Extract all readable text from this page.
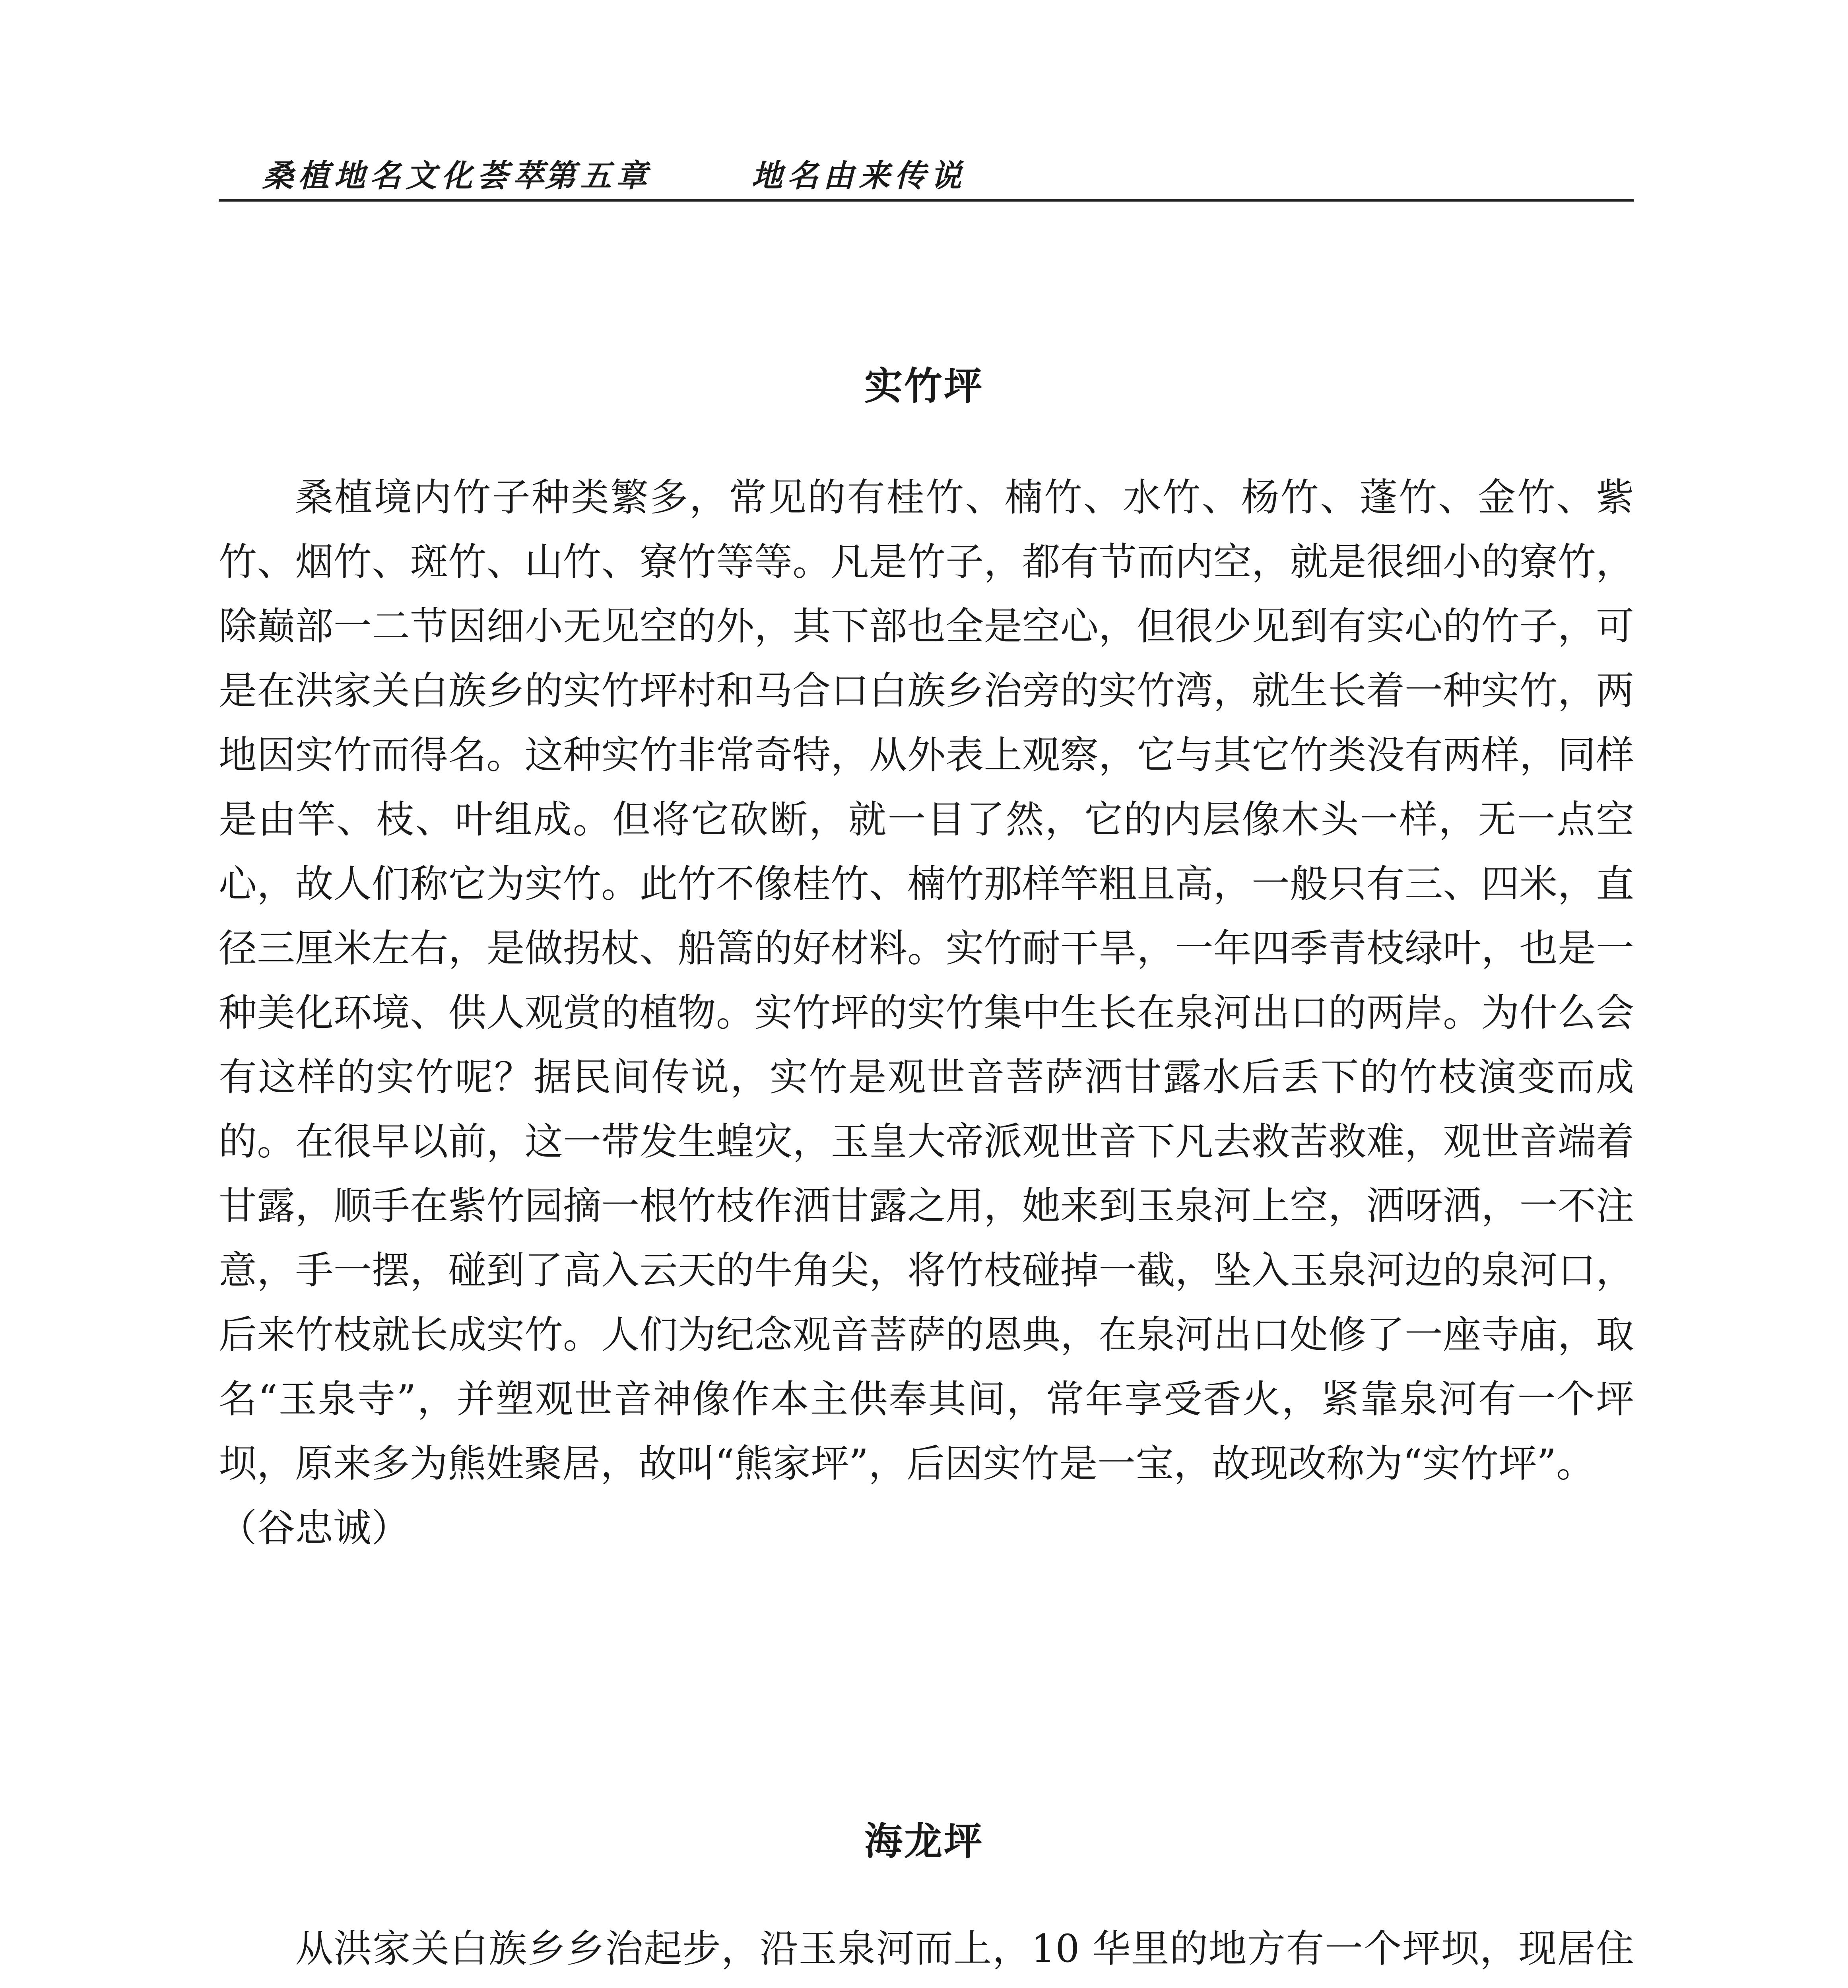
桑植地名文化荟萃
第五章	地名由来传说
实竹坪

桑植境内竹子种类繁多，常见的有桂竹、楠竹、水竹、杨竹、蓬竹、金竹、紫竹、烟竹、斑竹、山竹、寮竹等等。凡是竹子，都有节而内空，就是很细小的寮竹，除巅部一二节因细小无见空的外，其下部也全是空心，但很少见到有实心的竹子，可是在洪家关白族乡的实竹坪村和马合口白族乡治旁的实竹湾，就生长着一种实竹，两地因实竹而得名。这种实竹非常奇特，从外表上观察，它与其它竹类没有两样，同样是由竿、枝、叶组成。但将它砍断，就一目了然，它的内层像木头一样，无一点空心，故人们称它为实竹。此竹不像桂竹、楠竹那样竿粗且高，一般只有三、四米，直径三厘米左右，是做拐杖、船篙的好材料。实竹耐干旱，一年四季青枝绿叶，也是一种美化环境、供人观赏的植物。实竹坪的实竹集中生长在泉河出口的两岸。为什么会有这样的实竹呢？据民间传说，实竹是观世音菩萨洒甘露水后丢下的竹枝演变而成的。在很早以前，这一带发生蝗灾，玉皇大帝派观世音下凡去救苦救难，观世音端着甘露，顺手在紫竹园摘一根竹枝作洒甘露之用，她来到玉泉河上空，洒呀洒，一不注意，手一摆，碰到了高入云天的牛角尖，将竹枝碰掉一截，坠入玉泉河边的泉河口，后来竹枝就长成实竹。人们为纪念观音菩萨的恩典，在泉河出口处修了一座寺庙，取名“玉泉寺”，并塑观世音神像作本主供奉其间，常年享受香火，紧靠泉河有一个坪坝，原来多为熊姓聚居，故叫“熊家坪”，后因实竹是一宝，故现改称为“实竹坪”。
（谷忠诚）

海龙坪

从洪家关白族乡乡治起步，沿玉泉河而上，10 华里的地方有一个坪坝，现居住
